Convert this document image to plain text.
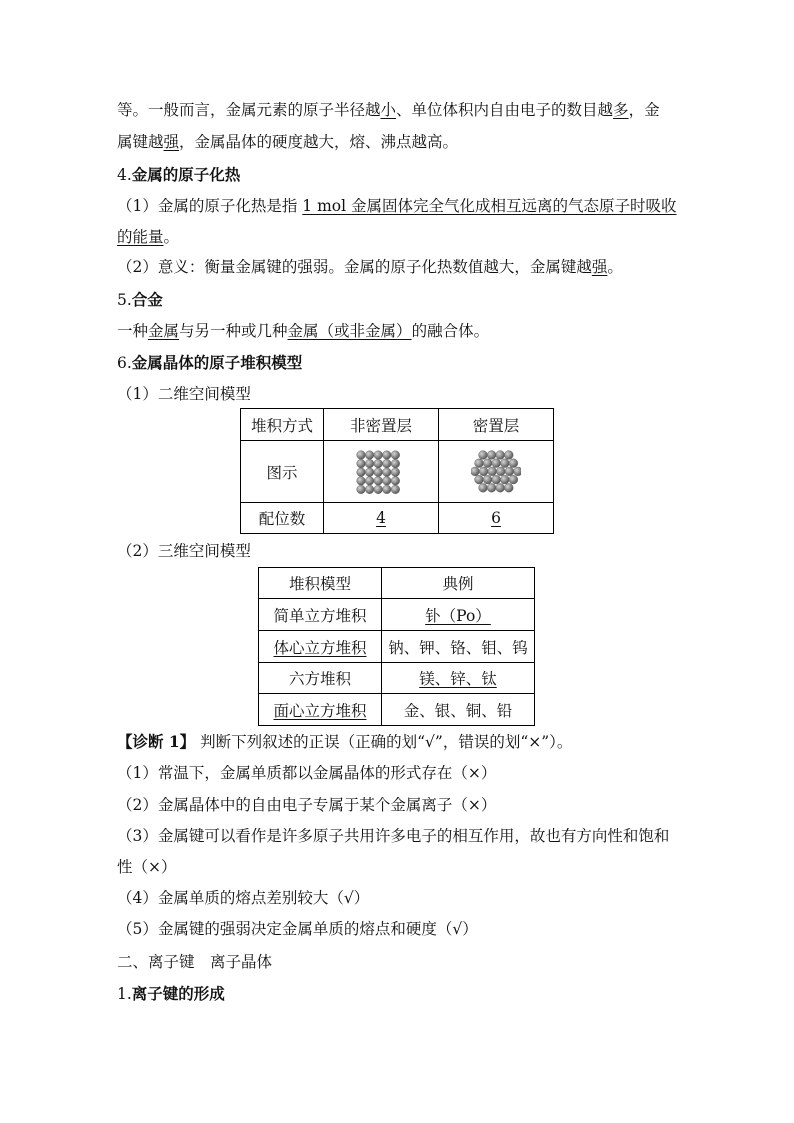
等。一般而言，金属元素的原子半径越小、单位体积内自由电子的数目越多，金
属键越强，金属晶体的硬度越大，熔、沸点越高。
4.金属的原子化热
（1）金属的原子化热是指 1 mol 金属固体完全气化成相互远离的气态原子时吸收
的能量。
（2）意义：衡量金属键的强弱。金属的原子化热数值越大，金属键越强。
5.合金
一种金属与另一种或几种金属（或非金属）的融合体。
6.金属晶体的原子堆积模型
（1）二维空间模型
堆积方式	非密置层	密置层
图示		
配位数	4	6
（2）三维空间模型
堆积模型	典例
简单立方堆积	钋（Po）
体心立方堆积	钠、钾、铬、钼、钨
六方堆积	镁、锌、钛
面心立方堆积	金、银、铜、铅
【诊断 1】 判断下列叙述的正误（正确的划“√”，错误的划“×”）。
（1）常温下，金属单质都以金属晶体的形式存在（×）
（2）金属晶体中的自由电子专属于某个金属离子（×）
（3）金属键可以看作是许多原子共用许多电子的相互作用，故也有方向性和饱和
性（×）
（4）金属单质的熔点差别较大（√）
（5）金属键的强弱决定金属单质的熔点和硬度（√）
二、离子键　离子晶体
1.离子键的形成
